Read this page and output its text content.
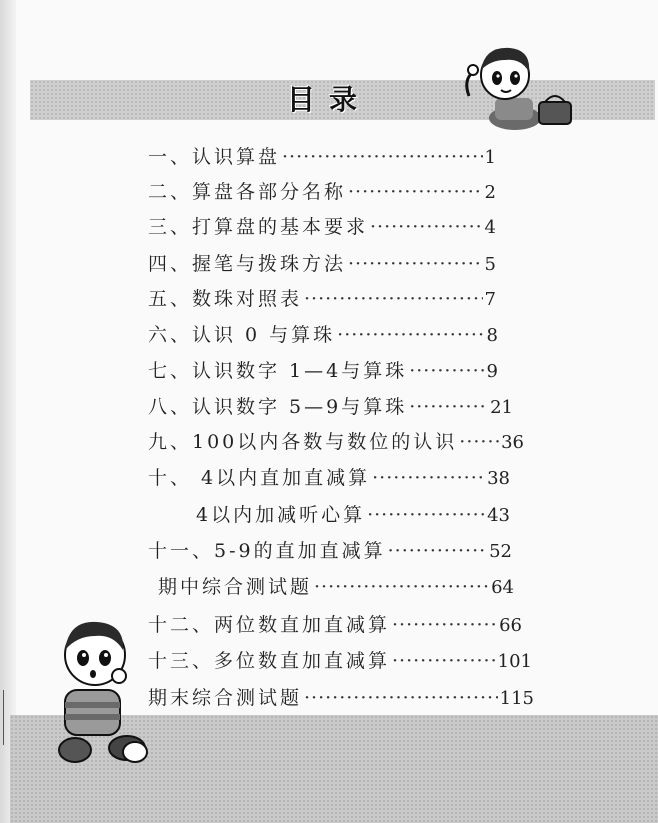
目录
一、认识算盘 ·····	1
二、算盘各部分名称 ·····	2
三、打算盘的基本要求 ·····	4
四、握笔与拨珠方法 ·····	5
五、数珠对照表 ·····	7
六、认识 0 与算珠 ·····	8
七、认识数字 1—4与算珠 ·····	9
八、认识数字 5—9与算珠 ·····	21
九、100以内各数与数位的认识 ····· 36
十、 4以内直加直减算 ·····	38
4以内加减听心算 ·····	43
十一、5-9的直加直减算 ·····	52
期中综合测试题 ·····	64
十二、两位数直加直减算 ·····	66
十三、多位数直加直减算 ·····	101
期末综合测试题 ·····	115
